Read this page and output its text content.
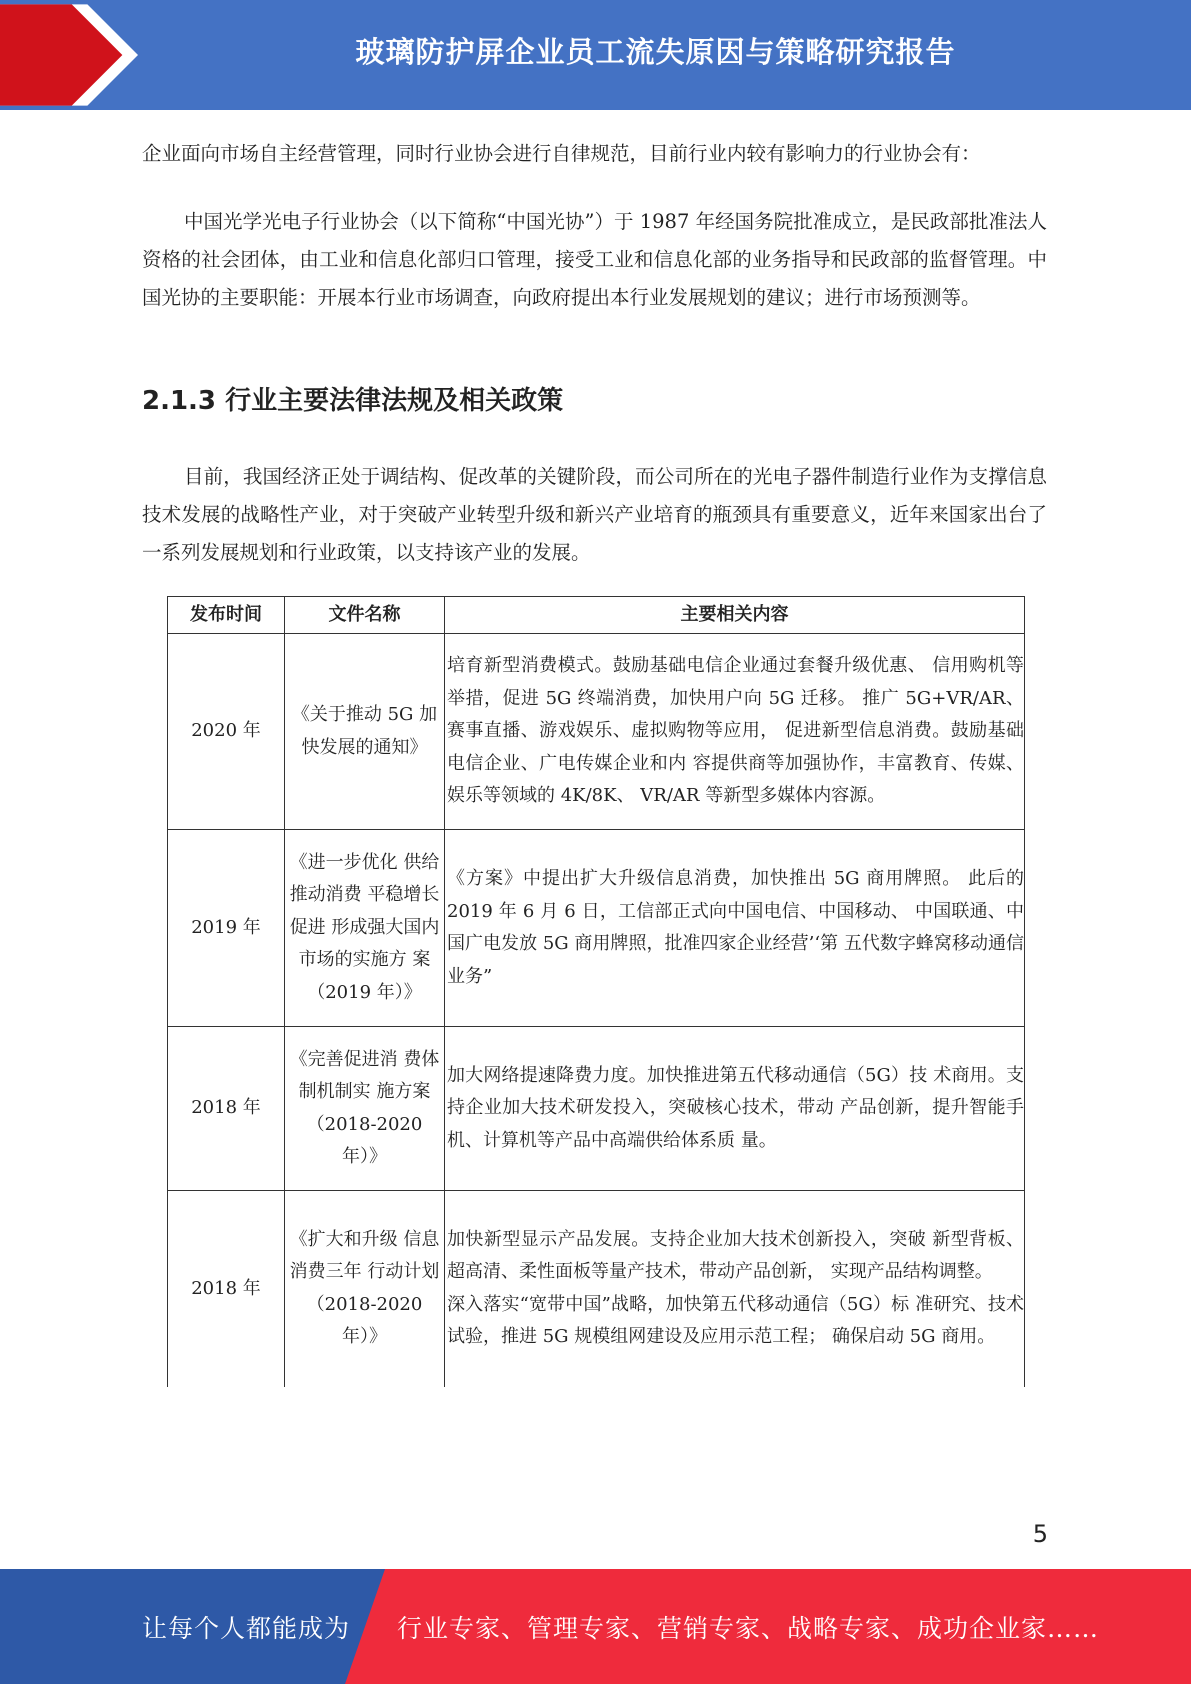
玻璃防护屏企业员工流失原因与策略研究报告

企业面向市场自主经营管理，同时行业协会进行自律规范，目前行业内较有影响力的行业协会有：

中国光学光电子行业协会（以下简称“中国光协”）于 1987 年经国务院批准成立，是民政部批准法人资格的社会团体，由工业和信息化部归口管理，接受工业和信息化部的业务指导和民政部的监督管理。中国光协的主要职能：开展本行业市场调查，向政府提出本行业发展规划的建议；进行市场预测等。

2.1.3 行业主要法律法规及相关政策

目前，我国经济正处于调结构、促改革的关键阶段，而公司所在的光电子器件制造行业作为支撑信息技术发展的战略性产业，对于突破产业转型升级和新兴产业培育的瓶颈具有重要意义，近年来国家出台了一系列发展规划和行业政策，以支持该产业的发展。

发布时间	文件名称	主要相关内容
2020 年	《关于推动 5G 加快发展的通知》	培育新型消费模式。鼓励基础电信企业通过套餐升级优惠、 信用购机等举措，促进 5G 终端消费，加快用户向 5G 迁移。 推广 5G+VR/AR、赛事直播、游戏娱乐、虚拟购物等应用， 促进新型信息消费。鼓励基础电信企业、广电传媒企业和内 容提供商等加强协作，丰富教育、传媒、娱乐等领域的 4K/8K、 VR/AR 等新型多媒体内容源。
2019 年	《进一步优化 供给推动消费 平稳增长促进 形成强大国内 市场的实施方 案（2019 年）》	《方案》中提出扩大升级信息消费，加快推出 5G 商用牌照。 此后的 2019 年 6 月 6 日，工信部正式向中国电信、中国移动、 中国联通、中国广电发放 5G 商用牌照，批准四家企业经营’‘第 五代数字蜂窝移动通信业务”
2018 年	《完善促进消 费体制机制实 施方案（2018-2020 年）》	加大网络提速降费力度。加快推进第五代移动通信（5G）技 术商用。支持企业加大技术研发投入，突破核心技术，带动 产品创新，提升智能手机、计算机等产品中高端供给体系质 量。
2018 年	《扩大和升级 信息消费三年 行动计划（2018-2020 年）》	加快新型显示产品发展。支持企业加大技术创新投入，突破 新型背板、超高清、柔性面板等量产技术，带动产品创新， 实现产品结构调整。
深入落实“宽带中国”战略，加快第五代移动通信（5G）标 准研究、技术试验，推进 5G 规模组网建设及应用示范工程； 确保启动 5G 商用。
5
让每个人都能成为 行业专家、管理专家、营销专家、战略专家、成功企业家……
